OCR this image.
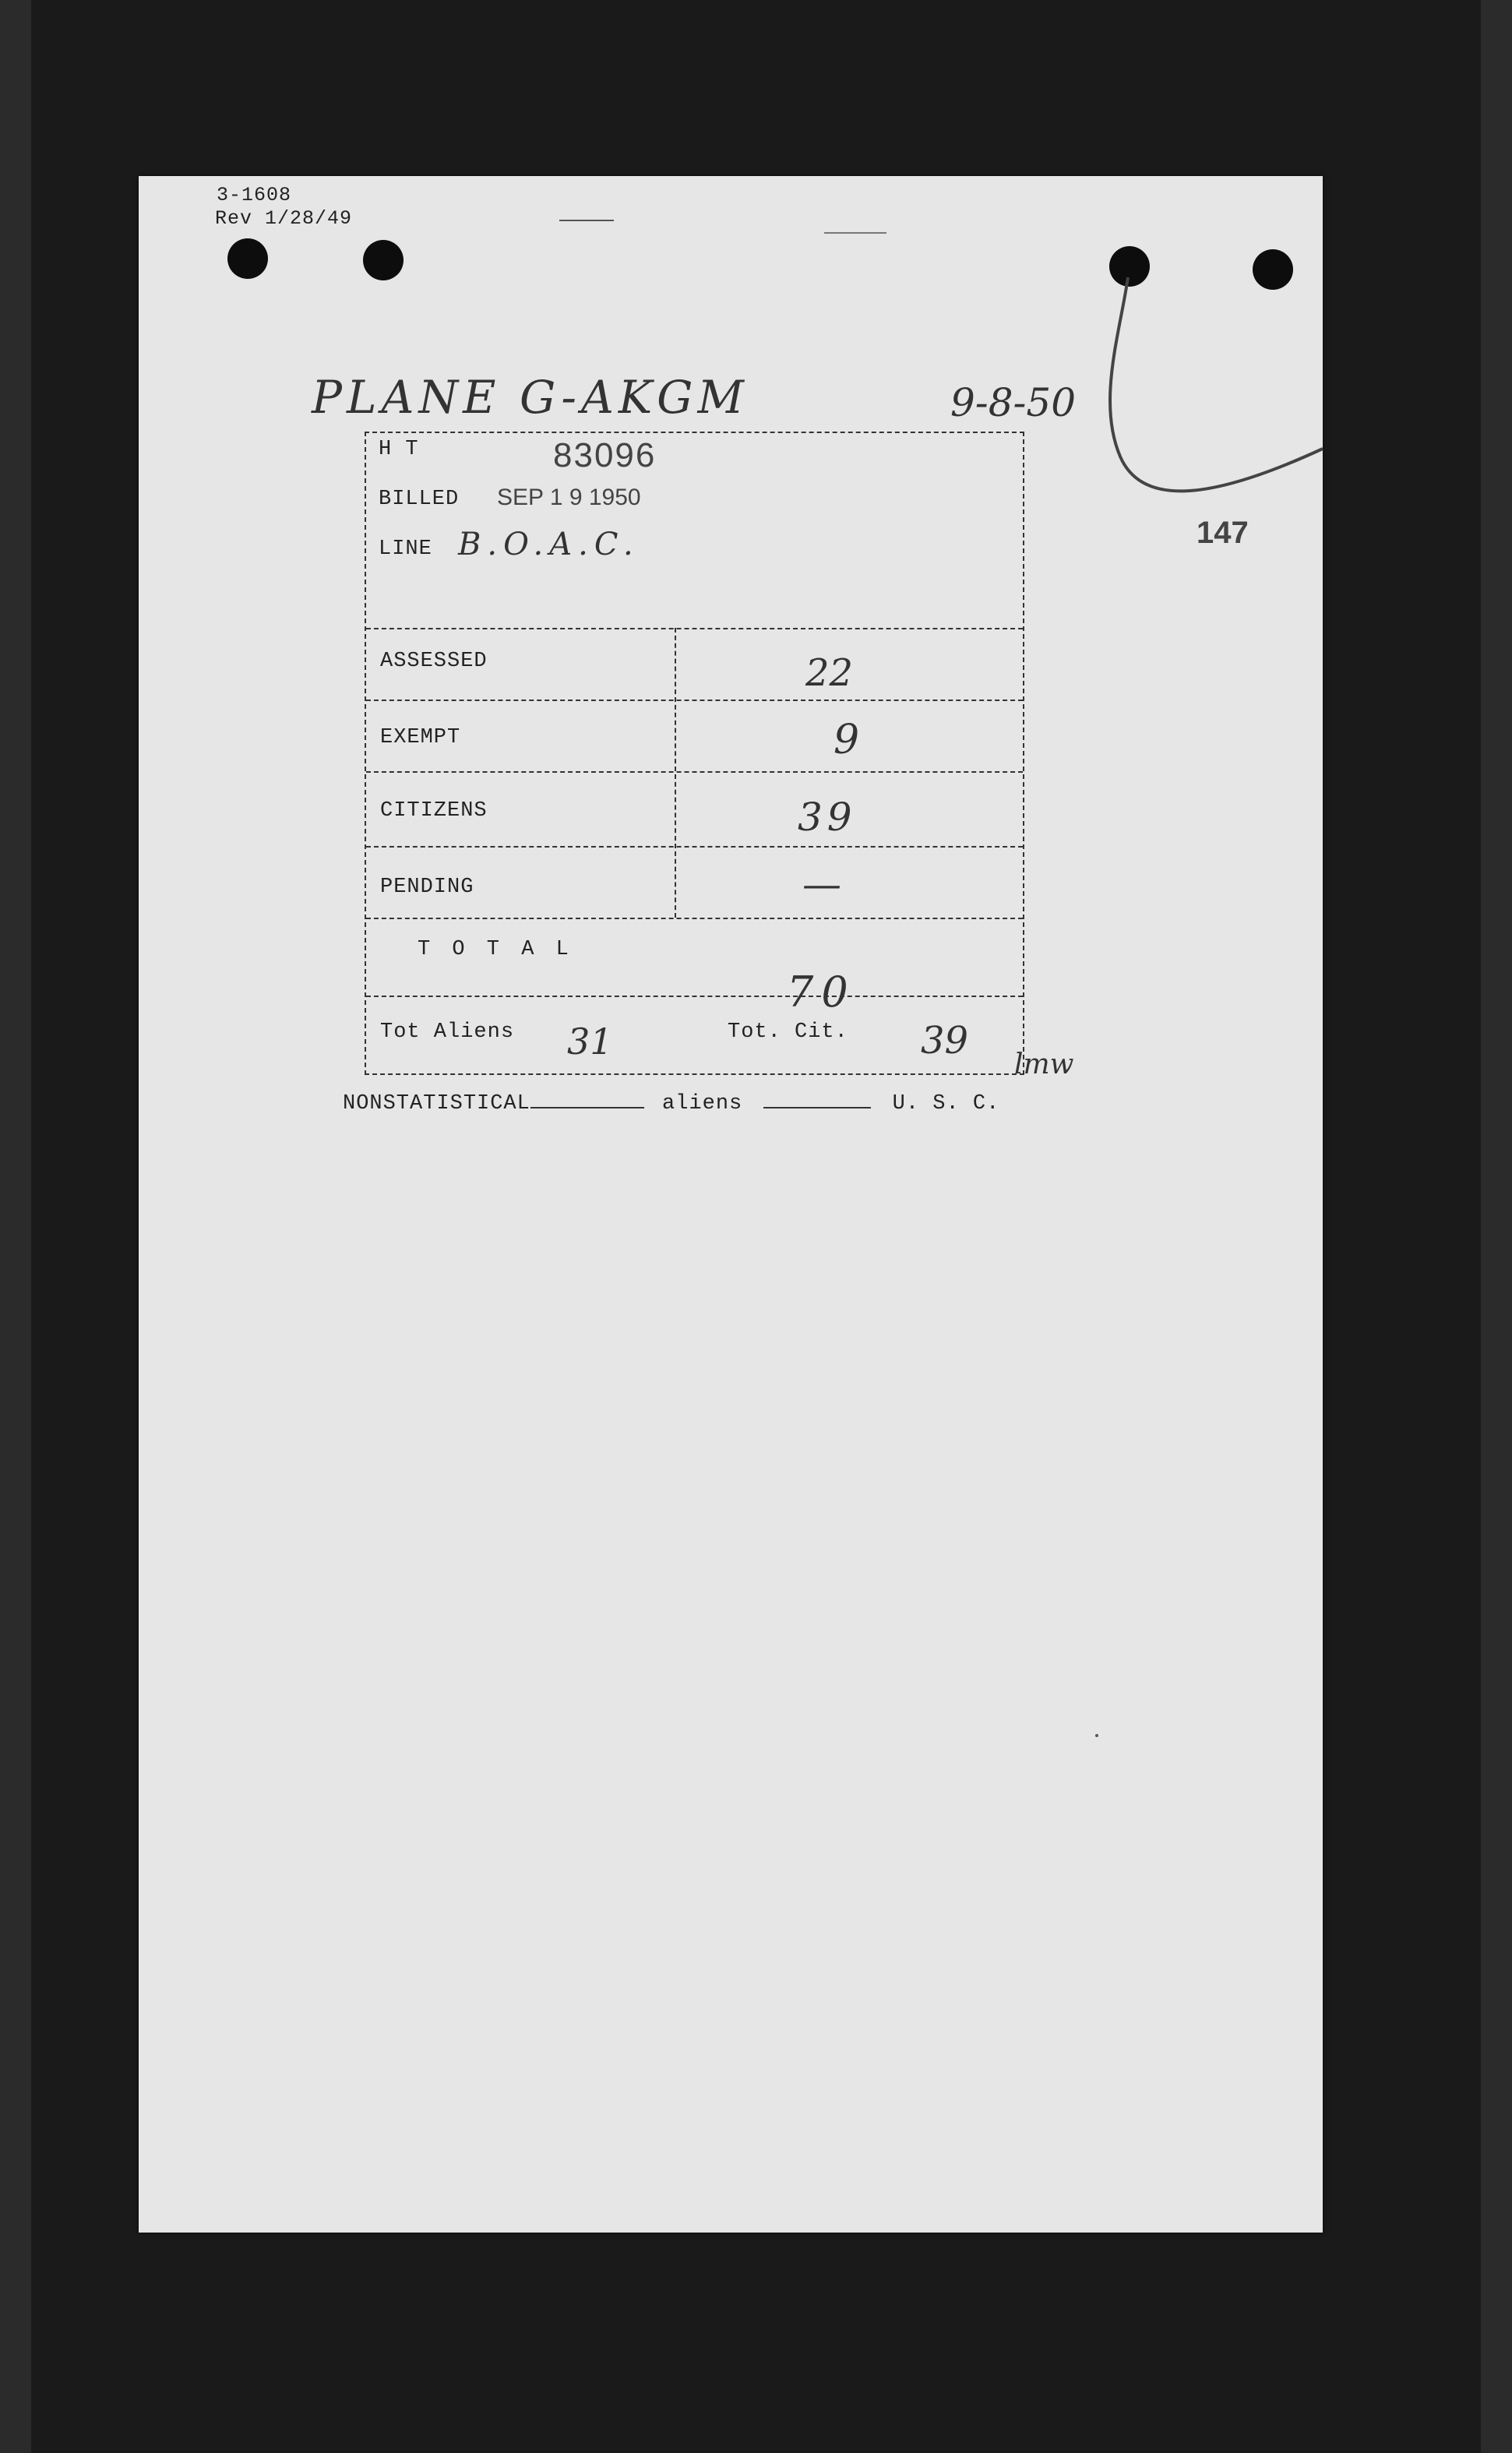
3-1608
Rev 1/28/49
PLANE G-AKGM	9-8-50
147
H T	83096
BILLED SEP 1 9 1950
LINE B.O.A.C.
ASSESSED	22
EXEMPT	9
CITIZENS	39
PENDING	—
T O T A L
70
Tot Aliens 31	Tot. Cit. 39
lmw
NONSTATISTICAL	aliens	U. S. C.
